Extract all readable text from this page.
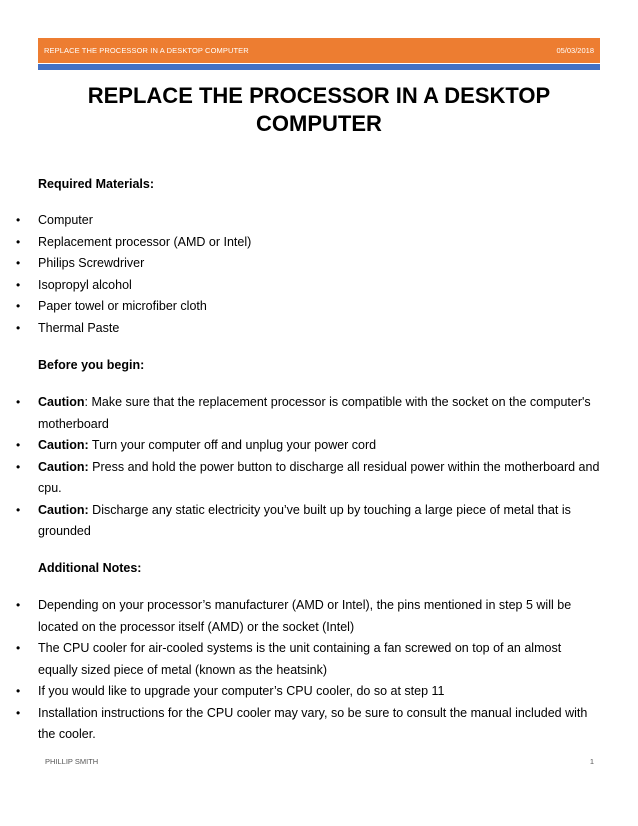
REPLACE THE PROCESSOR IN A DESKTOP COMPUTER	05/03/2018
REPLACE THE PROCESSOR IN A DESKTOP
COMPUTER
Required Materials:
• Computer
• Replacement processor (AMD or Intel)
• Philips Screwdriver
• Isopropyl alcohol
• Paper towel or microfiber cloth
• Thermal Paste
Before you begin:
• Caution: Make sure that the replacement processor is compatible with the socket on the computer's motherboard
• Caution: Turn your computer off and unplug your power cord
• Caution: Press and hold the power button to discharge all residual power within the motherboard and cpu.
• Caution: Discharge any static electricity you’ve built up by touching a large piece of metal that is grounded
Additional Notes:
• Depending on your processor’s manufacturer (AMD or Intel), the pins mentioned in step 5 will be located on the processor itself (AMD) or the socket (Intel)
• The CPU cooler for air-cooled systems is the unit containing a fan screwed on top of an almost equally sized piece of metal (known as the heatsink)
• If you would like to upgrade your computer’s CPU cooler, do so at step 11
• Installation instructions for the CPU cooler may vary, so be sure to consult the manual included with the cooler.
PHILLIP SMITH	1
